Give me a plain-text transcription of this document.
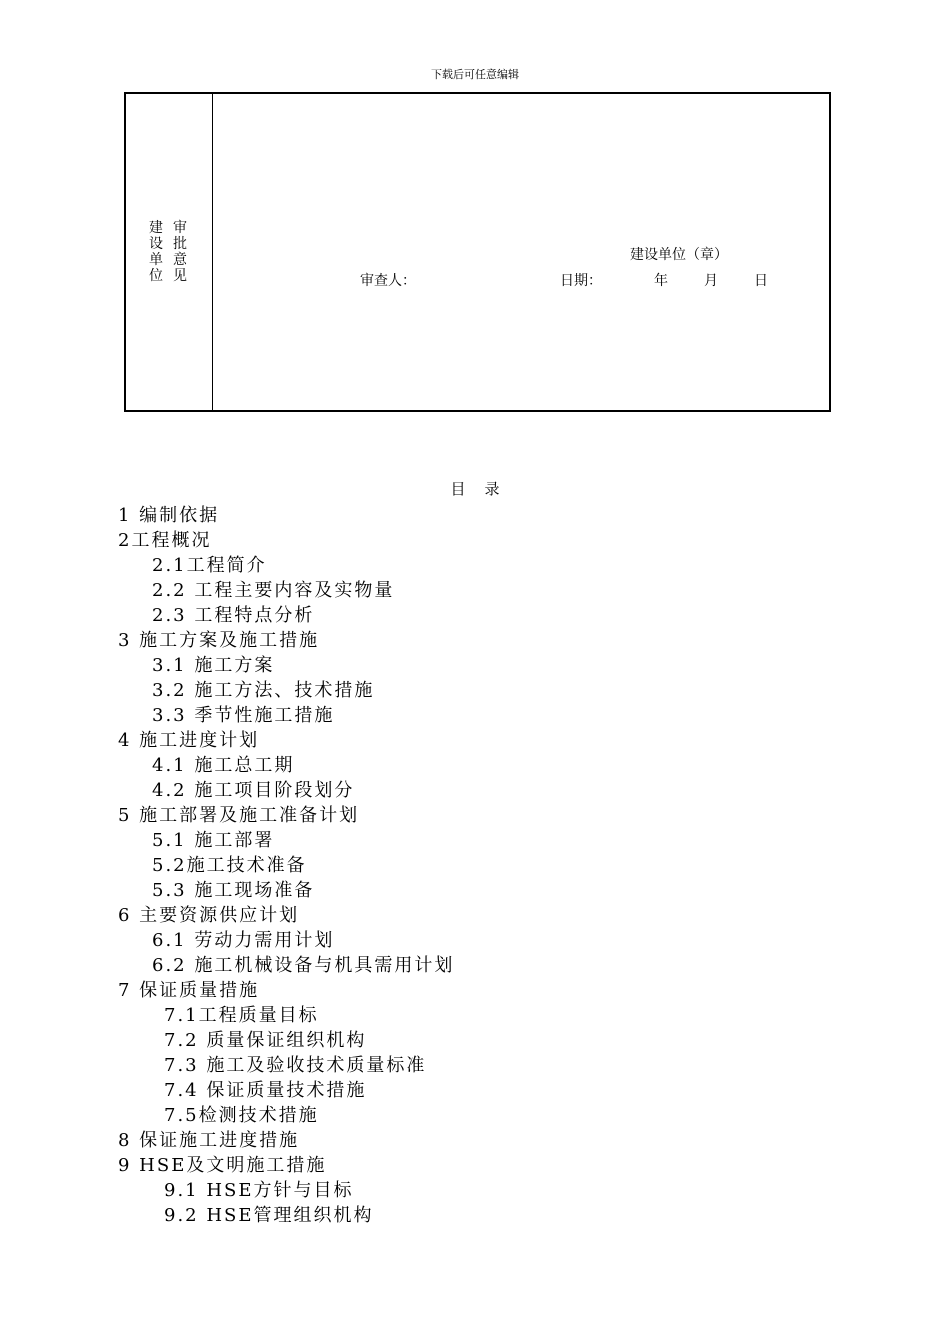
下载后可任意编辑
建设单位
审批意见
建设单位（章）
审查人：	日期：	年	月	日
目    录
1 编制依据
2工程概况
2.1工程简介
2.2 工程主要内容及实物量
2.3 工程特点分析
3 施工方案及施工措施
3.1 施工方案
3.2 施工方法、技术措施
3.3 季节性施工措施
4 施工进度计划
4.1 施工总工期
4.2 施工项目阶段划分
5 施工部署及施工准备计划
5.1 施工部署
5.2施工技术准备
5.3 施工现场准备
6 主要资源供应计划
6.1 劳动力需用计划
6.2 施工机械设备与机具需用计划
7 保证质量措施
7.1工程质量目标
7.2 质量保证组织机构
7.3 施工及验收技术质量标准
7.4 保证质量技术措施
7.5检测技术措施
8 保证施工进度措施
9 HSE及文明施工措施
9.1 HSE方针与目标
9.2 HSE管理组织机构
